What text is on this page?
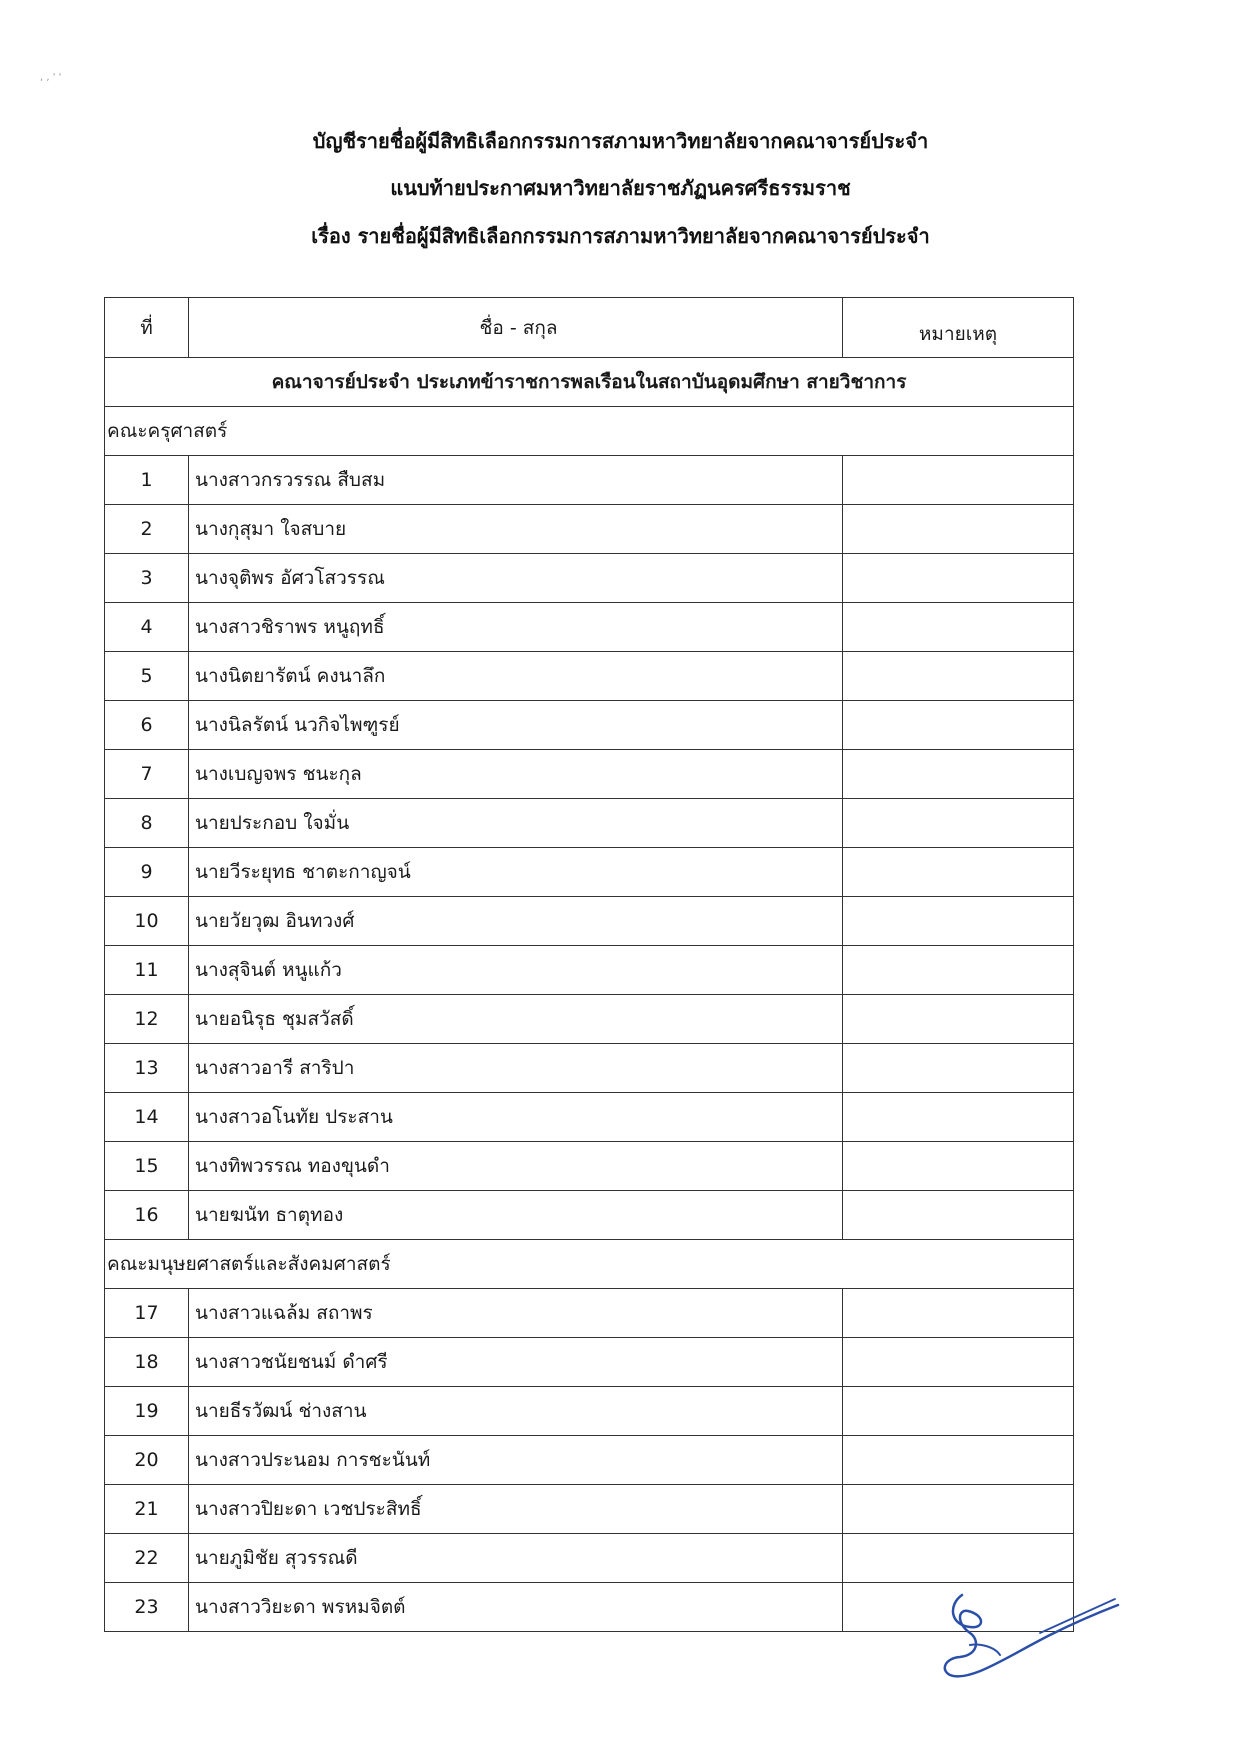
, , ' '
บัญชีรายชื่อผู้มีสิทธิเลือกกรรมการสภามหาวิทยาลัยจากคณาจารย์ประจำ
แนบท้ายประกาศมหาวิทยาลัยราชภัฏนครศรีธรรมราช
เรื่อง รายชื่อผู้มีสิทธิเลือกกรรมการสภามหาวิทยาลัยจากคณาจารย์ประจำ
ที่	ชื่อ - สกุล	หมายเหตุ
คณาจารย์ประจำ ประเภทข้าราชการพลเรือนในสถาบันอุดมศึกษา สายวิชาการ		
คณะครุศาสตร์		
1	นางสาวกรวรรณ สืบสม	
2	นางกุสุมา ใจสบาย	
3	นางจุติพร อัศวโสวรรณ	
4	นางสาวชิราพร หนูฤทธิ์	
5	นางนิตยารัตน์ คงนาลึก	
6	นางนิลรัตน์ นวกิจไพฑูรย์	
7	นางเบญจพร ชนะกุล	
8	นายประกอบ ใจมั่น	
9	นายวีระยุทธ ชาตะกาญจน์	
10	นายวัยวุฒ อินทวงศ์	
11	นางสุจินต์ หนูแก้ว	
12	นายอนิรุธ ชุมสวัสดิ์	
13	นางสาวอารี สาริปา	
14	นางสาวอโนทัย ประสาน	
15	นางทิพวรรณ ทองขุนดำ	
16	นายฆนัท ธาตุทอง	
คณะมนุษยศาสตร์และสังคมศาสตร์		
17	นางสาวแฉล้ม สถาพร	
18	นางสาวชนัยชนม์ ดำศรี	
19	นายธีรวัฒน์ ช่างสาน	
20	นางสาวประนอม การชะนันท์	
21	นางสาวปิยะดา เวชประสิทธิ์	
22	นายภูมิชัย สุวรรณดี	
23	นางสาววิยะดา พรหมจิตต์	
